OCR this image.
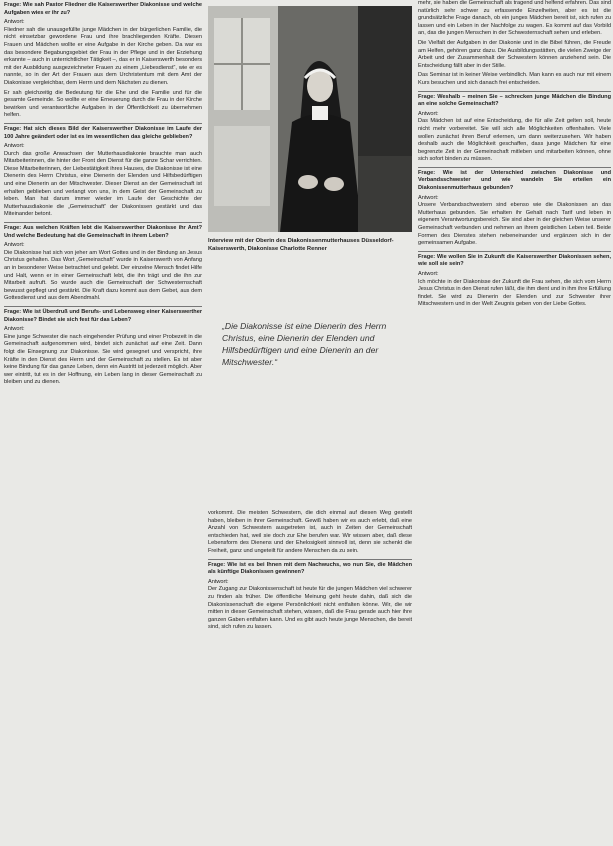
Frage: Wie sah Pastor Fliedner die Kaiserswerther Diakonisse und welche Aufgaben wies er ihr zu?
Antwort:
Fliedner sah die unausgefüllte junge Mädchen in der bürgerlichen Familie, die nicht einsetzbar gewordene Frau und ihre brachliegenden Kräfte. Diesen Frauen und Mädchen wollte er eine Aufgabe in der Kirche geben. Da war es das besondere Begabungsgebiet der Frau in der Pflege und in der Erziehung erkannte – auch in unterrichtlicher Tätigkeit –, das er in Kaiserswerth besonders mit der Ausbildung ausgezeichneter Frauen zu einem „Liebesdienst“, wie er es nannte, so in der Art der Frauen aus dem Urchristentum mit dem Amt der Diakonisse vergleichbar, dem Herrn und dem Nächsten zu dienen.
Er sah gleichzeitig die Bedeutung für die Ehe und die Familie und für die gesamte Gemeinde. So wollte er eine Erneuerung durch die Frau in der Kirche bewirken und verantwortliche Aufgaben in der Öffentlichkeit zu übernehmen helfen.
Frage: Hat sich dieses Bild der Kaiserswerther Diakonisse im Laufe der 100 Jahre geändert oder ist es im wesentlichen das gleiche geblieben?
Antwort:
Durch das große Anwachsen der Mutterhausdiakonie brauchte man auch Mitarbeiterinnen, die hinter der Front den Dienst für die ganze Schar verrichten. Diese Mitarbeiterinnen, der Liebestätigkeit ihres Hauses, die Diakonisse ist eine Dienerin des Herrn Christus, eine Dienerin der Elenden und Hilfsbedürftigen und eine Dienerin an der Mitschwester. Dieser Dienst an der Gemeinschaft ist erhalten geblieben und verlangt von uns, in dem Geist der Gemeinschaft zu leben. Man hat darum immer wieder im Laufe der Geschichte der Mutterhausdiakonie die „Gemeinschaft“ der Diakonissen gestärkt und das Miteinander betont.
Frage: Aus welchen Kräften lebt die Kaiserswerther Diakonisse ihr Amt? Und welche Bedeutung hat die Gemeinschaft in ihrem Leben?
Antwort:
Die Diakonisse hat sich von jeher am Wort Gottes und in der Bindung an Jesus Christus gehalten. Das Wort „Gemeinschaft“ wurde in Kaiserswerth von Anfang an in besonderer Weise betrachtet und gelebt. Der einzelne Mensch findet Hilfe und Halt, wenn er in einer Gemeinschaft lebt, die ihn trägt und die ihn zur Mitarbeit aufruft. So wurde auch die Gemeinschaft der Schwesternschaft bewusst gepflegt und gestärkt. Die Kraft dazu kommt aus dem Gebet, aus dem Gottesdienst und aus dem Abendmahl.
Frage: Wie ist Überdruß und Berufs- und Lebensweg einer Kaiserswerther Diakonisse? Bindet sie sich fest für das Leben?
Antwort:
Eine junge Schwester die nach eingehender Prüfung und einer Probezeit in die Gemeinschaft aufgenommen wird, bindet sich zunächst auf eine Zeit. Dann folgt die Einsegnung zur Diakonisse. Sie wird gesegnet und verspricht, ihre Kräfte in den Dienst des Herrn und der Gemeinschaft zu stellen. Es ist aber keine Bindung für das ganze Leben, denn ein Austritt ist jederzeit möglich. Aber wer eintritt, tut es in der Hoffnung, ein Leben lang in dieser Gemeinschaft zu bleiben und zu dienen.
Interview mit der Oberin des Diakonissenmutterhauses Düsseldorf-Kaiserswerth, Diakonisse Charlotte Renner
„Die Diakonisse ist eine Dienerin des Herrn Christus, eine Dienerin der Elenden und Hilfsbedürftigen und eine Dienerin an der Mitschwester.“
vorkommt. Die meisten Schwestern, die dich einmal auf diesen Weg gestellt haben, bleiben in ihrer Gemeinschaft. Gewiß haben wir es auch erlebt, daß eine Anzahl von Schwestern ausgetreten ist, auch in Zeiten der Gemeinschaft entschieden hat, weil sie doch zur Ehe berufen war. Wir wissen aber, daß diese Lebensform des Dienens und der Ehelosigkeit sinnvoll ist, denn sie schenkt die Freiheit, ganz und ungeteilt für andere Menschen da zu sein.
Frage: Wie ist es bei Ihnen mit dem Nachwuchs, wo nun Sie, die Mädchen als künftige Diakonissen gewinnen?
Antwort:
Der Zugang zur Diakonissenschaft ist heute für die jungen Mädchen viel schwerer zu finden als früher. Die öffentliche Meinung geht heute dahin, daß sich die Diakonissenschaft die eigene Persönlichkeit nicht entfalten könne. Wir, die wir mitten in dieser Gemeinschaft stehen, wissen, daß die Frau gerade auch hier ihre ganzen Gaben entfalten kann. Und es gibt auch heute junge Menschen, die bereit sind, sich rufen zu lassen.
mehr, sie haben die Gemeinschaft als tragend und helfend erfahren. Das sind natürlich sehr schwer zu erfassende Einzelheiten, aber es ist die grundsätzliche Frage danach, ob ein junges Mädchen bereit ist, sich rufen zu lassen und ein Leben in der Nachfolge zu wagen. Es kommt auf das Vorbild an, das die jungen Menschen in der Schwesternschaft sehen und erleben.
Die Vielfalt der Aufgaben in der Diakonie und in die Bibel führen, die Freude am Helfen, gehören ganz dazu. Die Ausbildungsstätten, die vielen Zweige der Arbeit und der Zusammenhalt der Schwestern können anziehend sein. Die Entscheidung fällt aber in der Stille.
Das Seminar ist in keiner Weise verbindlich. Man kann es auch nur mit einem Kurs besuchen und sich danach frei entscheiden.
Frage: Weshalb – meinen Sie – schrecken junge Mädchen die Bindung an eine solche Gemeinschaft?
Antwort:
Das Mädchen ist auf eine Entscheidung, die für alle Zeit gelten soll, heute nicht mehr vorbereitet. Sie will sich alle Möglichkeiten offenhalten. Viele wollen zunächst ihren Beruf erlernen, um dann weiterzusehen. Wir haben deshalb auch die Möglichkeit geschaffen, dass junge Mädchen für eine begrenzte Zeit in der Gemeinschaft mitleben und mitarbeiten können, ohne sich sofort binden zu müssen.
Frage: Wie ist der Unterschied zwischen Diakonisse und Verbandsschwester und wie wandeln Sie erteilen ein Diakonissenmutterhaus gebunden?
Antwort:
Unsere Verbandsschwestern sind ebenso wie die Diakonissen an das Mutterhaus gebunden. Sie erhalten ihr Gehalt nach Tarif und leben in eigenem Verantwortungsbereich. Sie sind aber in der gleichen Weise unserer Gemeinschaft verbunden und nehmen an ihrem geistlichen Leben teil. Beide Formen des Dienstes stehen nebeneinander und ergänzen sich in der gemeinsamen Aufgabe.
Frage: Wie wollen Sie in Zukunft die Kaiserswerther Diakonissen sehen, wie soll sie sein?
Antwort:
Ich möchte in der Diakonisse der Zukunft die Frau sehen, die sich vom Herrn Jesus Christus in den Dienst rufen läßt, die ihm dient und in ihm ihre Erfüllung findet. Sie wird zu Dienerin der Elenden und zur Schwester ihrer Mitschwestern und in der Welt Zeugnis geben von der Liebe Gottes.
